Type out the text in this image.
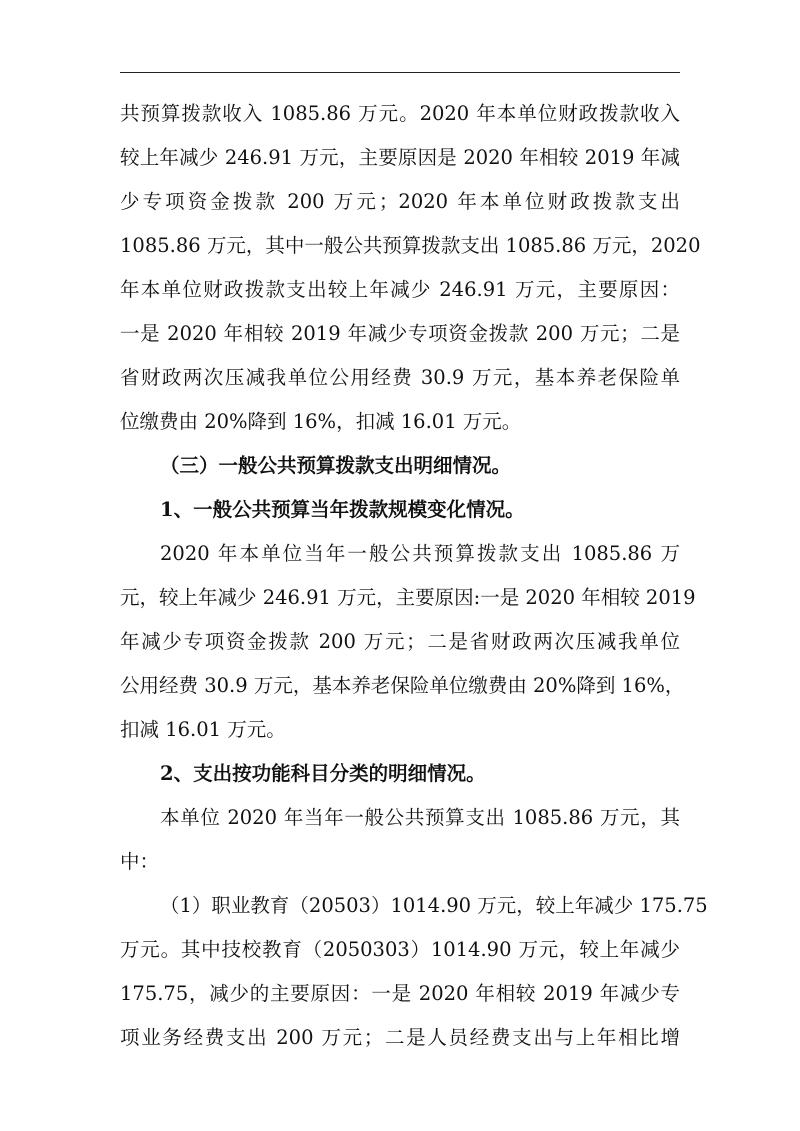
共预算拨款收入 1085.86 万元。2020 年本单位财政拨款收入

较上年减少 246.91 万元，主要原因是 2020 年相较 2019 年减

少专项资金拨款 200 万元；2020 年本单位财政拨款支出

1085.86 万元，其中一般公共预算拨款支出 1085.86 万元，2020

年本单位财政拨款支出较上年减少 246.91 万元，主要原因：

一是 2020 年相较 2019 年减少专项资金拨款 200 万元；二是

省财政两次压减我单位公用经费 30.9 万元，基本养老保险单

位缴费由 20%降到 16%，扣减 16.01 万元。

（三）一般公共预算拨款支出明细情况。

1、一般公共预算当年拨款规模变化情况。

2020 年本单位当年一般公共预算拨款支出 1085.86 万

元，较上年减少 246.91 万元，主要原因:一是 2020 年相较 2019

年减少专项资金拨款 200 万元；二是省财政两次压减我单位

公用经费 30.9 万元，基本养老保险单位缴费由 20%降到 16%，

扣减 16.01 万元。

2、支出按功能科目分类的明细情况。

本单位 2020 年当年一般公共预算支出 1085.86 万元，其

中：

（1）职业教育（20503）1014.90 万元，较上年减少 175.75

万元。其中技校教育（2050303）1014.90 万元，较上年减少

175.75，减少的主要原因：一是 2020 年相较 2019 年减少专

项业务经费支出 200 万元；二是人员经费支出与上年相比增
